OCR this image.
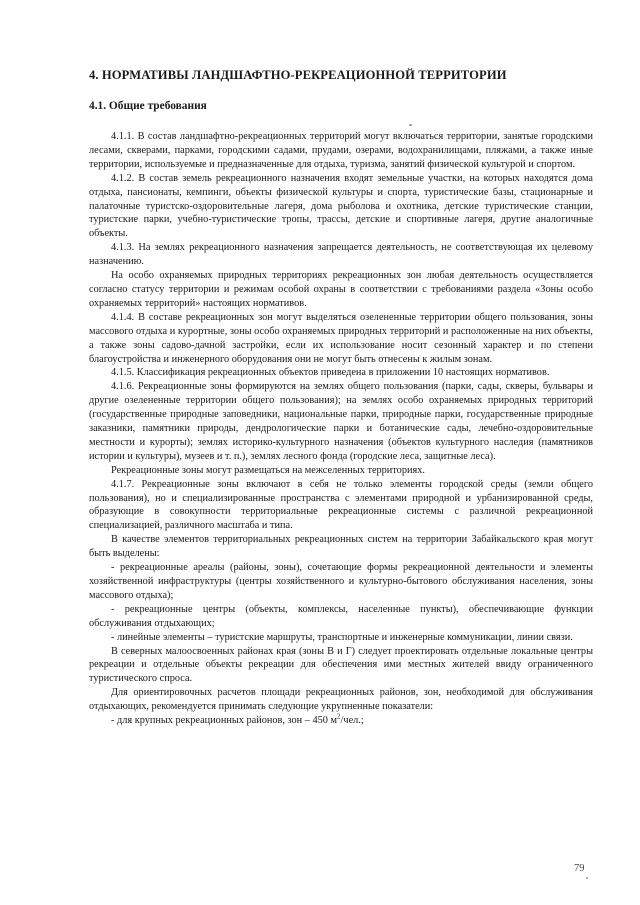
4. НОРМАТИВЫ ЛАНДШАФТНО-РЕКРЕАЦИОННОЙ ТЕРРИТОРИИ
4.1. Общие требования

4.1.1. В состав ландшафтно-рекреационных территорий могут включаться территории, занятые городскими лесами, скверами, парками, городскими садами, прудами, озерами, водохранилищами, пляжами, а также иные территории, используемые и предназначенные для отдыха, туризма, занятий физической культурой и спортом.

4.1.2. В состав земель рекреационного назначения входят земельные участки, на которых находятся дома отдыха, пансионаты, кемпинги, объекты физической культуры и спорта, туристические базы, стационарные и палаточные туристско-оздоровительные лагеря, дома рыболова и охотника, детские туристические станции, туристские парки, учебно-туристические тропы, трассы, детские и спортивные лагеря, другие аналогичные объекты.

4.1.3. На землях рекреационного назначения запрещается деятельность, не соответствующая их целевому назначению.

На особо охраняемых природных территориях рекреационных зон любая деятельность осуществляется согласно статусу территории и режимам особой охраны в соответствии с требованиями раздела «Зоны особо охраняемых территорий» настоящих нормативов.

4.1.4. В составе рекреационных зон могут выделяться озелененные территории общего пользования, зоны массового отдыха и курортные, зоны особо охраняемых природных территорий и расположенные на них объекты, а также зоны садово-дачной застройки, если их использование носит сезонный характер и по степени благоустройства и инженерного оборудования они не могут быть отнесены к жилым зонам.

4.1.5. Классификация рекреационных объектов приведена в приложении 10 настоящих нормативов.

4.1.6. Рекреационные зоны формируются на землях общего пользования (парки, сады, скверы, бульвары и другие озелененные территории общего пользования); на землях особо охраняемых природных территорий (государственные природные заповедники, национальные парки, природные парки, государственные природные заказники, памятники природы, дендрологические парки и ботанические сады, лечебно-оздоровительные местности и курорты); землях историко-культурного назначения (объектов культурного наследия (памятников истории и культуры), музеев и т. п.), землях лесного фонда (городские леса, защитные леса).

Рекреационные зоны могут размещаться на межселенных территориях.

4.1.7. Рекреационные зоны включают в себя не только элементы городской среды (земли общего пользования), но и специализированные пространства с элементами природной и урбанизированной среды, образующие в совокупности территориальные рекреационные системы с различной рекреационной специализацией, различного масштаба и типа.

В качестве элементов территориальных рекреационных систем на территории Забайкальского края могут быть выделены:

- рекреационные ареалы (районы, зоны), сочетающие формы рекреационной деятельности и элементы хозяйственной инфраструктуры (центры хозяйственного и культурно-бытового обслуживания населения, зоны массового отдыха);

- рекреационные центры (объекты, комплексы, населенные пункты), обеспечивающие функции обслуживания отдыхающих;

- линейные элементы – туристские маршруты, транспортные и инженерные коммуникации, линии связи.

В северных малоосвоенных районах края (зоны В и Г) следует проектировать отдельные локальные центры рекреации и отдельные объекты рекреации для обеспечения ими местных жителей ввиду ограниченного туристического спроса.

Для ориентировочных расчетов площади рекреационных районов, зон, необходимой для обслуживания отдыхающих, рекомендуется принимать следующие укрупненные показатели:

- для крупных рекреационных районов, зон – 450 $м^2$/чел.;

79
